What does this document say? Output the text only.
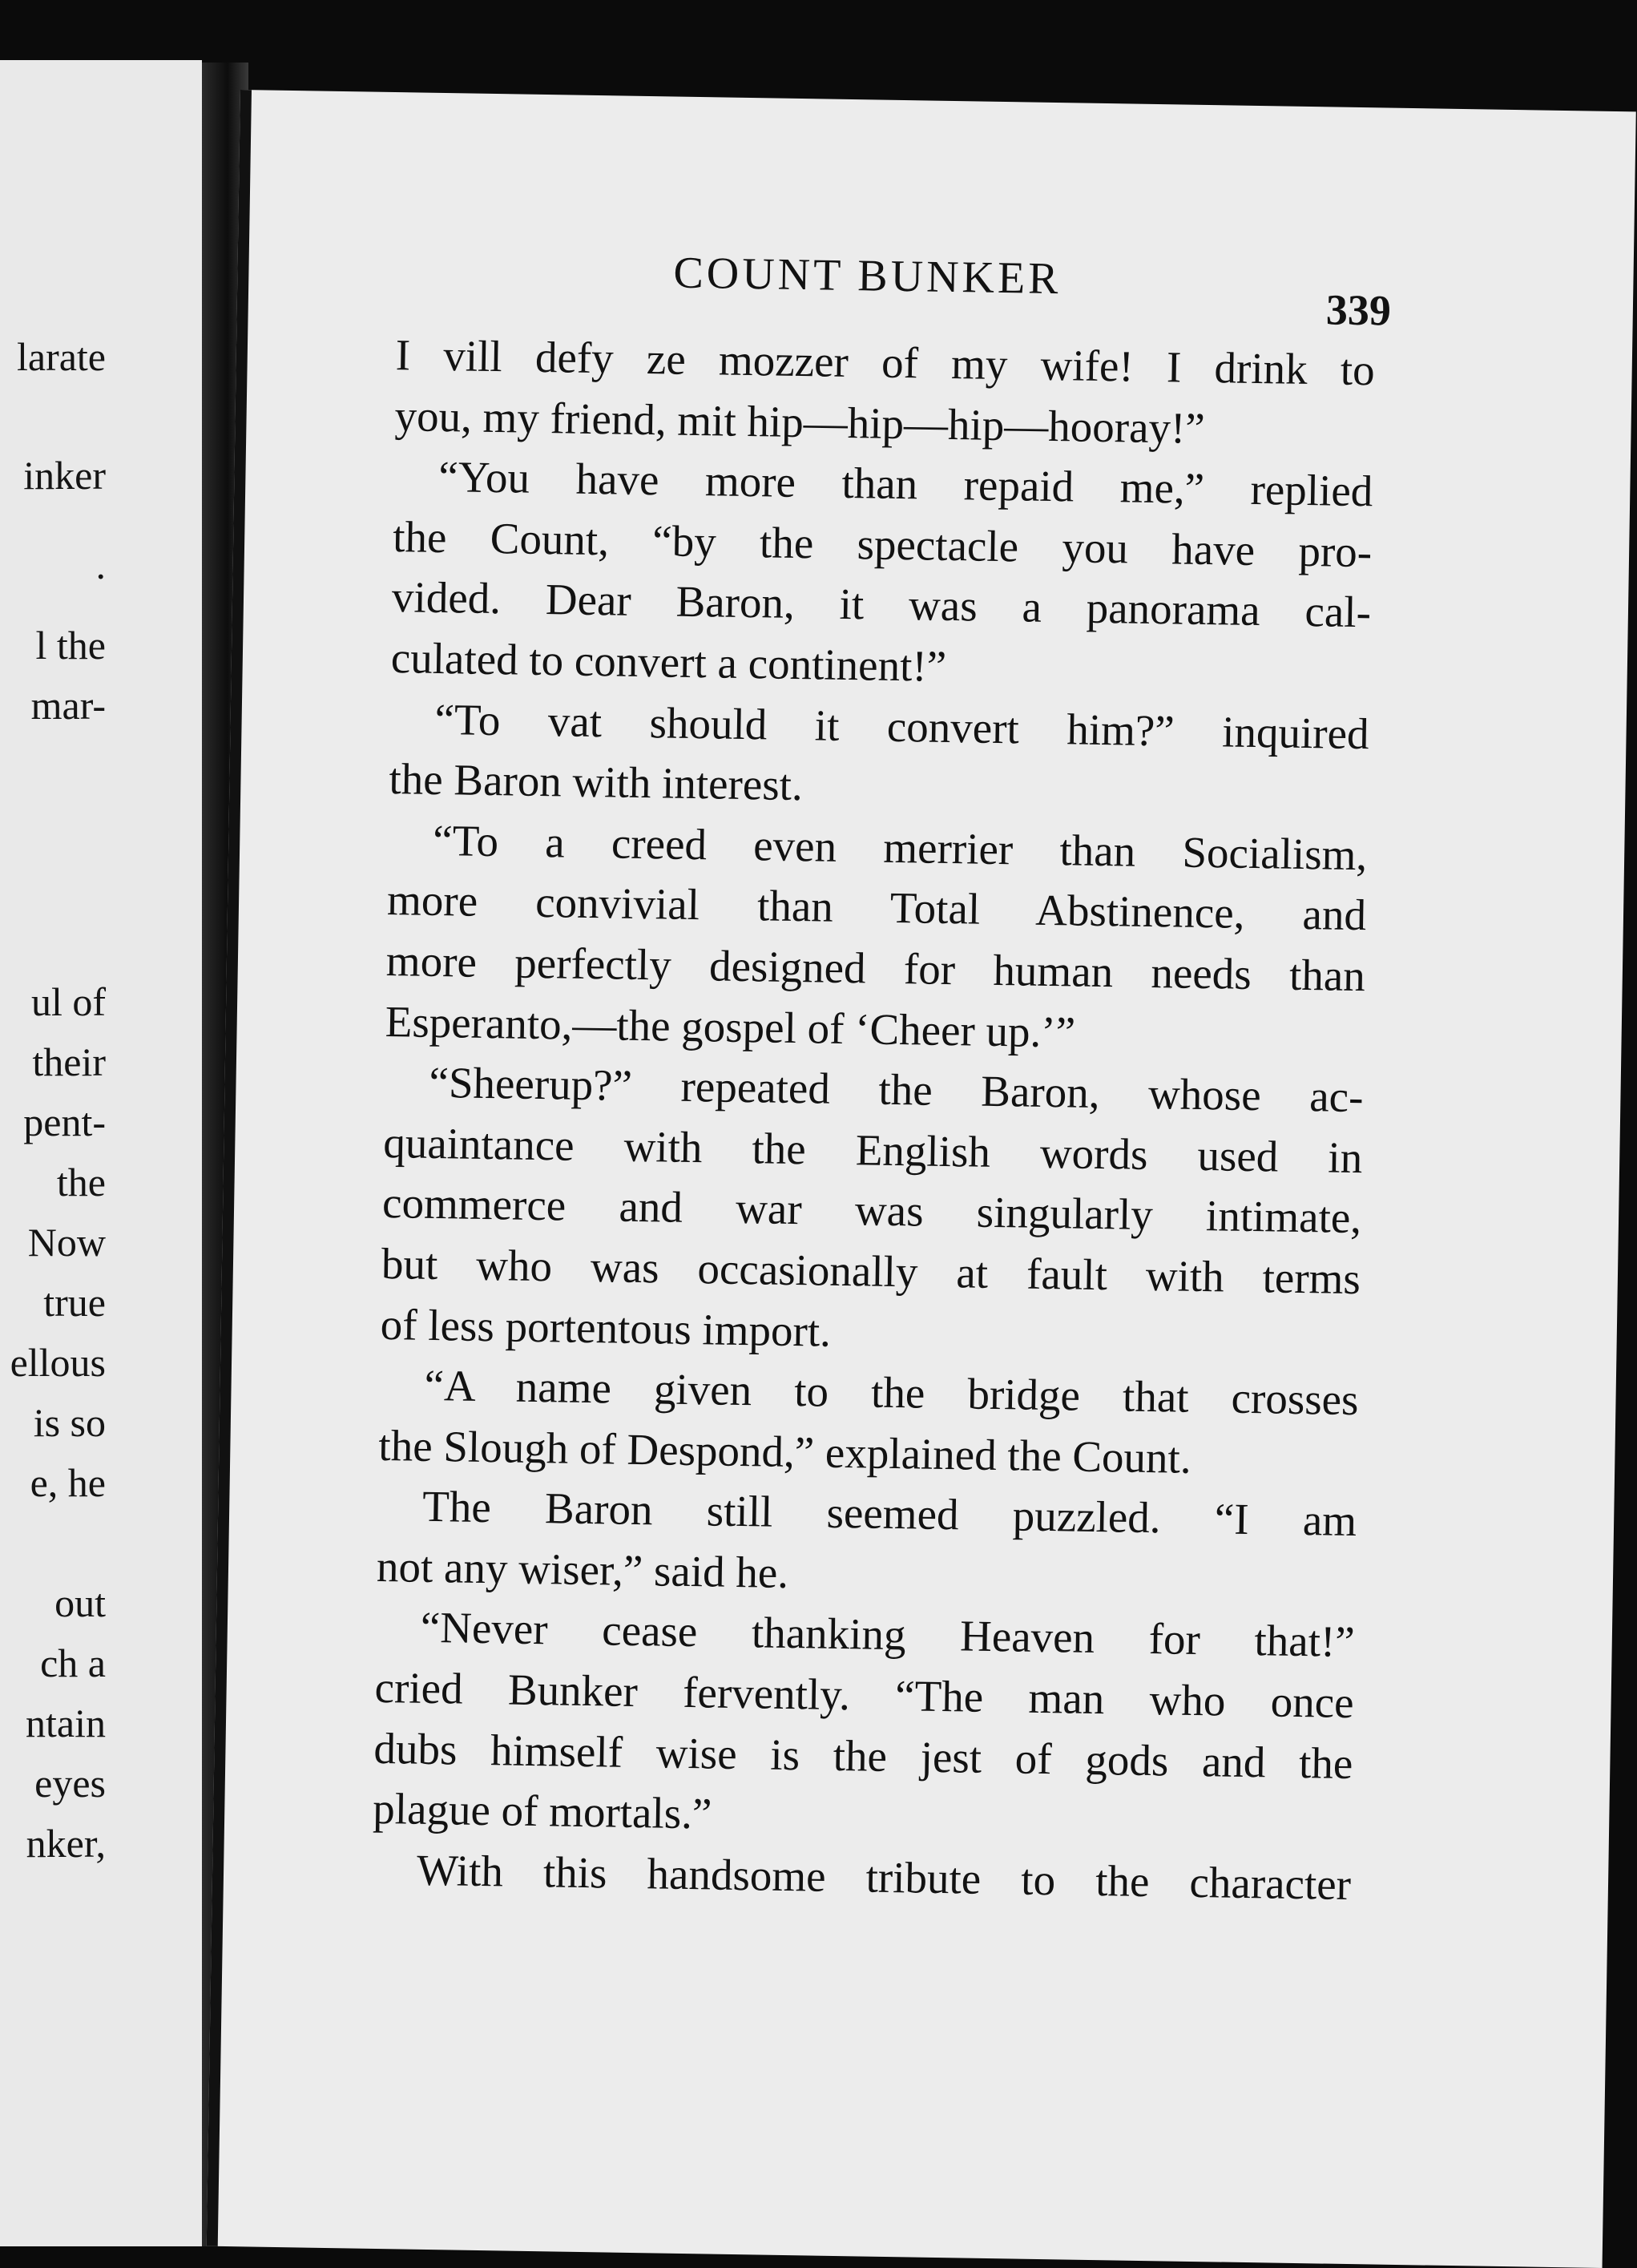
larate
inker
.
l the
mar-
ul of
their
pent-
the
Now
true
ellous
is so
e, he
out
ch a
ntain
eyes
nker,
COUNT BUNKER
339
I vill defy ze mozzer of my wife! I drink to
you, my friend, mit hip—hip—hip—hooray!”
“You have more than repaid me,” replied
the Count, “by the spectacle you have pro-
vided. Dear Baron, it was a panorama cal-
culated to convert a continent!”
“To vat should it convert him?” inquired
the Baron with interest.
“To a creed even merrier than Socialism,
more convivial than Total Abstinence, and
more perfectly designed for human needs than
Esperanto,—the gospel of ‘Cheer up.’”
“Sheerup?” repeated the Baron, whose ac-
quaintance with the English words used in
commerce and war was singularly intimate,
but who was occasionally at fault with terms
of less portentous import.
“A name given to the bridge that crosses
the Slough of Despond,” explained the Count.
The Baron still seemed puzzled. “I am
not any wiser,” said he.
“Never cease thanking Heaven for that!”
cried Bunker fervently. “The man who once
dubs himself wise is the jest of gods and the
plague of mortals.”
With this handsome tribute to the character
